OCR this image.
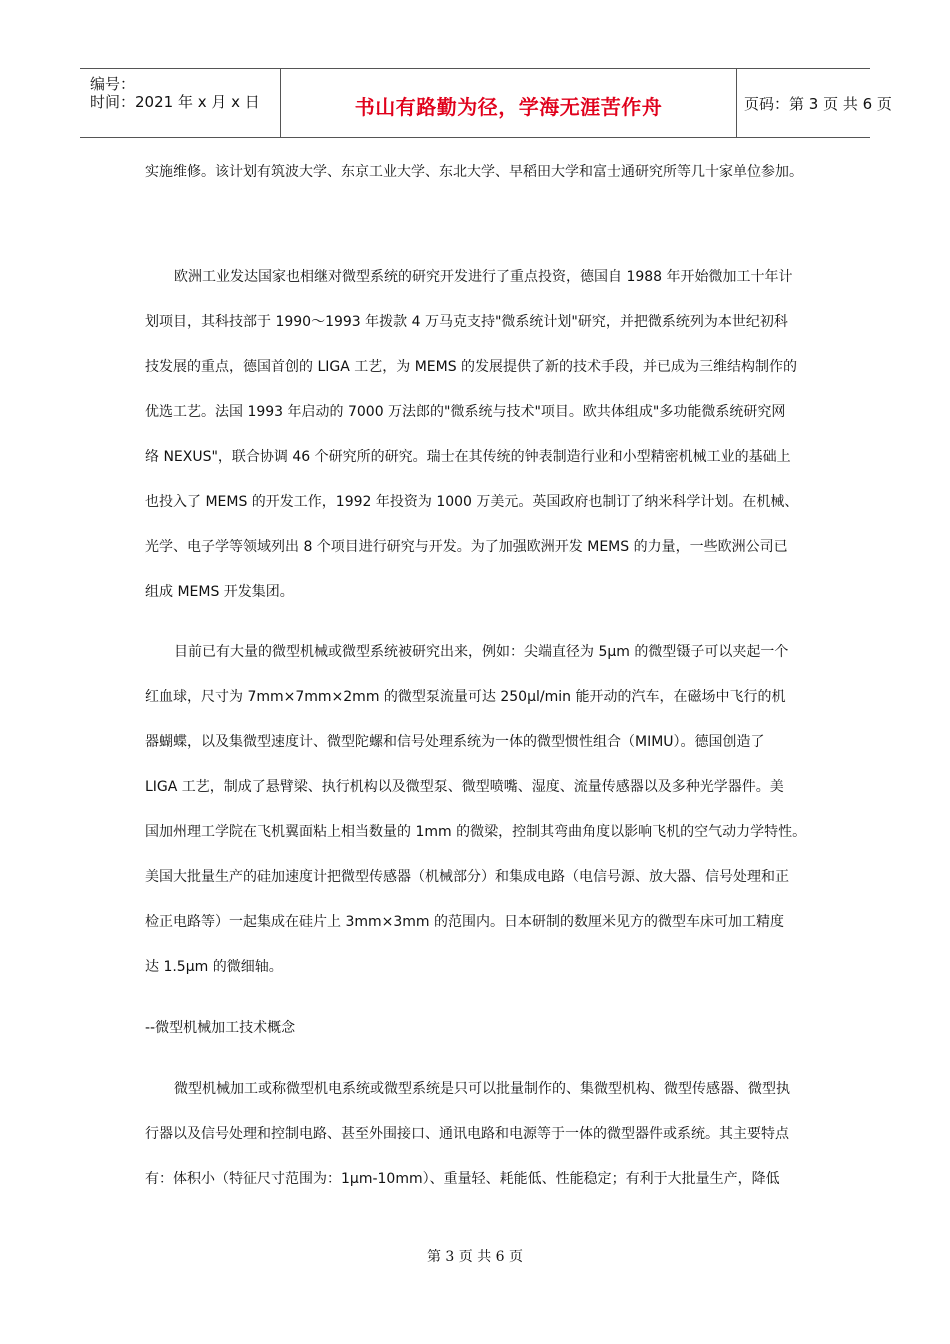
编号：
时间：2021 年 x 月 x 日	书山有路勤为径，学海无涯苦作舟	页码：第 3 页 共 6 页
实施维修。该计划有筑波大学、东京工业大学、东北大学、早稻田大学和富士通研究所等几十家单位参加。
欧洲工业发达国家也相继对微型系统的研究开发进行了重点投资，德国自 1988 年开始微加工十年计
划项目，其科技部于 1990～1993 年拨款 4 万马克支持"微系统计划"研究，并把微系统列为本世纪初科
技发展的重点，德国首创的 LIGA 工艺，为 MEMS 的发展提供了新的技术手段，并已成为三维结构制作的
优选工艺。法国 1993 年启动的 7000 万法郎的"微系统与技术"项目。欧共体组成"多功能微系统研究网
络 NEXUS"，联合协调 46 个研究所的研究。瑞士在其传统的钟表制造行业和小型精密机械工业的基础上
也投入了 MEMS 的开发工作，1992 年投资为 1000 万美元。英国政府也制订了纳米科学计划。在机械、
光学、电子学等领域列出 8 个项目进行研究与开发。为了加强欧洲开发 MEMS 的力量，一些欧洲公司已
组成 MEMS 开发集团。
目前已有大量的微型机械或微型系统被研究出来，例如：尖端直径为 5μm 的微型镊子可以夹起一个
红血球，尺寸为 7mm×7mm×2mm 的微型泵流量可达 250μl/min 能开动的汽车，在磁场中飞行的机
器蝴蝶，以及集微型速度计、微型陀螺和信号处理系统为一体的微型惯性组合（MIMU）。德国创造了
LIGA 工艺，制成了悬臂梁、执行机构以及微型泵、微型喷嘴、湿度、流量传感器以及多种光学器件。美
国加州理工学院在飞机翼面粘上相当数量的 1mm 的微梁，控制其弯曲角度以影响飞机的空气动力学特性。
美国大批量生产的硅加速度计把微型传感器（机械部分）和集成电路（电信号源、放大器、信号处理和正
检正电路等）一起集成在硅片上 3mm×3mm 的范围内。日本研制的数厘米见方的微型车床可加工精度
达 1.5μm 的微细轴。
--微型机械加工技术概念
微型机械加工或称微型机电系统或微型系统是只可以批量制作的、集微型机构、微型传感器、微型执
行器以及信号处理和控制电路、甚至外围接口、通讯电路和电源等于一体的微型器件或系统。其主要特点
有：体积小（特征尺寸范围为：1μm-10mm）、重量轻、耗能低、性能稳定；有利于大批量生产，降低
第 3 页 共 6 页
